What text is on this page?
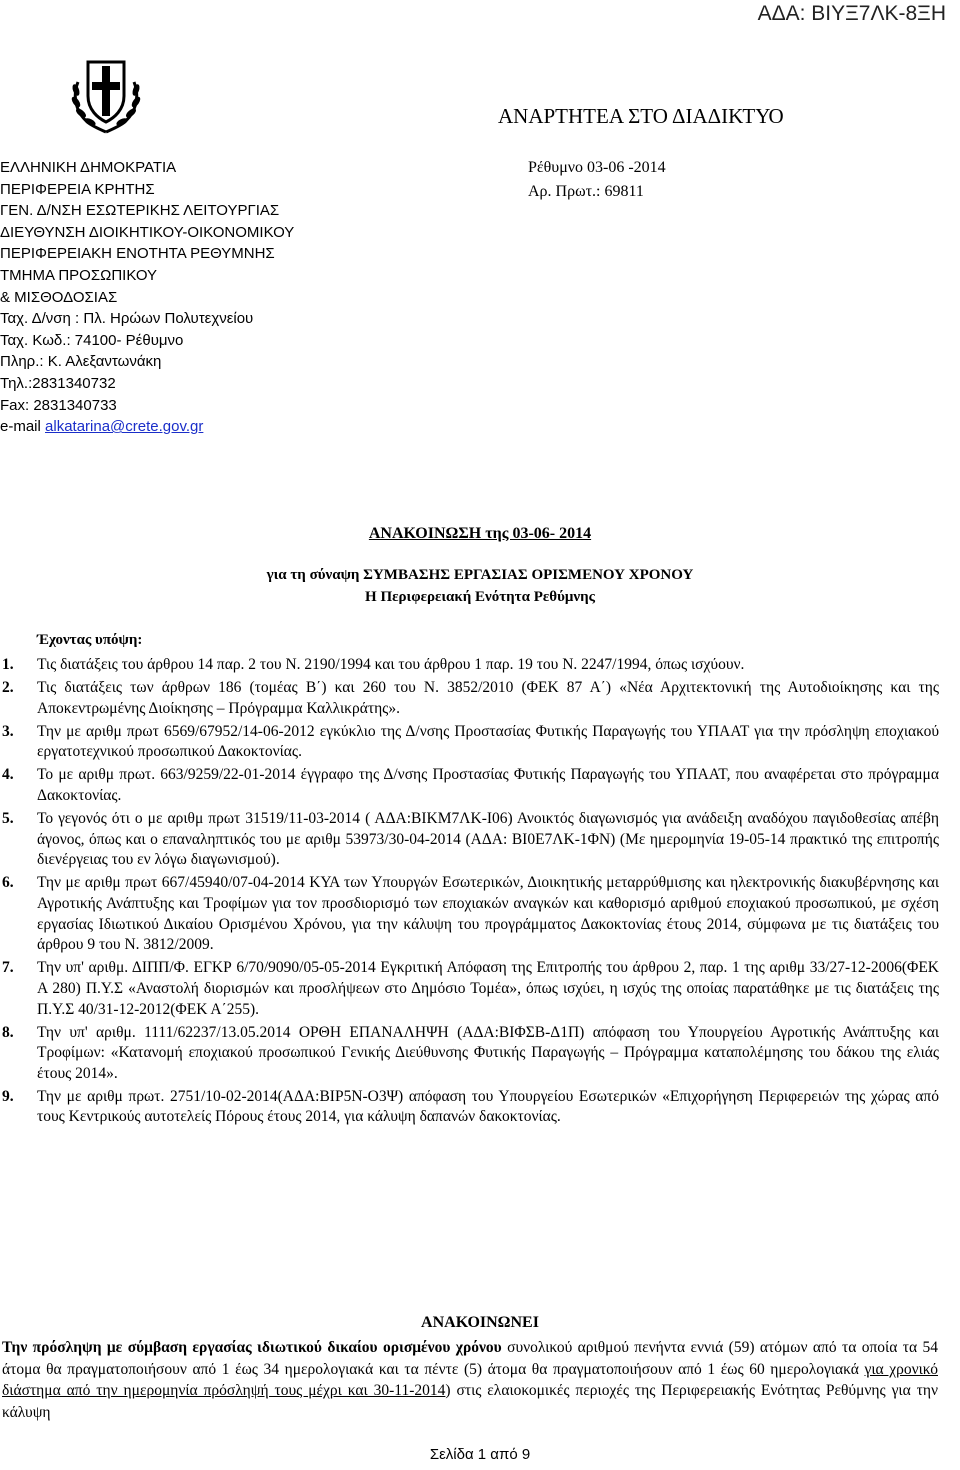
ΑΔΑ: ΒΙΥΞ7ΛΚ-8ΞΗ
ΑΝΑΡΤΗΤΕΑ ΣΤΟ ΔΙΑΔΙΚΤΥΟ
ΕΛΛΗΝΙΚΗ ΔΗΜΟΚΡΑΤΙΑ
ΠΕΡΙΦΕΡΕΙΑ ΚΡΗΤΗΣ
ΓΕΝ. Δ/ΝΣΗ ΕΣΩΤΕΡΙΚΗΣ ΛΕΙΤΟΥΡΓΙΑΣ
ΔΙΕΥΘΥΝΣΗ ΔΙΟΙΚΗΤΙΚΟΥ-ΟΙΚΟΝΟΜΙΚΟΥ
ΠΕΡΙΦΕΡΕΙΑΚΗ ΕΝΟΤΗΤΑ ΡΕΘΥΜΝΗΣ
ΤΜΗΜΑ ΠΡΟΣΩΠΙΚΟΥ
& ΜΙΣΘΟΔΟΣΙΑΣ
Ταχ. Δ/νση : Πλ. Ηρώων Πολυτεχνείου
Ταχ. Κωδ.: 74100- Ρέθυμνο
Πληρ.: Κ. Αλεξαντωνάκη
Τηλ.:2831340732
Fax: 2831340733
e-mail alkatarina@crete.gov.gr
Ρέθυμνο 03-06 -2014
Αρ. Πρωτ.: 69811
ΑΝΑΚΟΙΝΩΣΗ της 03-06- 2014
για τη σύναψη ΣΥΜΒΑΣΗΣ ΕΡΓΑΣΙΑΣ ΟΡΙΣΜΕΝΟΥ ΧΡΟΝΟΥ
Η Περιφερειακή Ενότητα Ρεθύμνης
Έχοντας υπόψη:
1.	Τις διατάξεις του άρθρου 14 παρ. 2 του Ν. 2190/1994 και του άρθρου 1 παρ. 19 του Ν. 2247/1994, όπως ισχύουν.
2.	Τις διατάξεις των άρθρων 186 (τομέας Β΄) και 260 του Ν. 3852/2010 (ΦΕΚ 87 Α΄) «Νέα Αρχιτεκτονική της Αυτοδιοίκησης και της Αποκεντρωμένης Διοίκησης – Πρόγραμμα Καλλικράτης».
3.	Την με αριθμ πρωτ 6569/67952/14-06-2012 εγκύκλιο της Δ/νσης Προστασίας Φυτικής Παραγωγής του ΥΠΑΑΤ για την πρόσληψη εποχιακού εργατοτεχνικού προσωπικού Δακοκτονίας.
4.	Το με αριθμ πρωτ. 663/9259/22-01-2014 έγγραφο της Δ/νσης Προστασίας Φυτικής Παραγωγής του ΥΠΑΑΤ, που αναφέρεται στο πρόγραμμα Δακοκτονίας.
5.	Το γεγονός ότι ο με αριθμ πρωτ 31519/11-03-2014 ( ΑΔΑ:ΒΙΚΜ7ΛΚ-Ι06) Ανοικτός διαγωνισμός για ανάδειξη αναδόχου παγιδοθεσίας απέβη άγονος, όπως και ο επαναληπτικός του με αριθμ 53973/30-04-2014 (ΑΔΑ: ΒΙ0Ε7ΛΚ-1ΦΝ) (Με ημερομηνία 19-05-14 πρακτικό της επιτροπής διενέργειας του εν λόγω διαγωνισμού).
6.	Την με αριθμ πρωτ 667/45940/07-04-2014 ΚΥΑ των Υπουργών Εσωτερικών, Διοικητικής μεταρρύθμισης και ηλεκτρονικής διακυβέρνησης και Αγροτικής Ανάπτυξης και Τροφίμων για τον προσδιορισμό των εποχιακών αναγκών και καθορισμό αριθμού εποχιακού προσωπικού, με σχέση εργασίας Ιδιωτικού Δικαίου Ορισμένου Χρόνου, για την κάλυψη του προγράμματος Δακοκτονίας έτους 2014, σύμφωνα με τις διατάξεις του άρθρου 9 του Ν. 3812/2009.
7.	Την υπ' αριθμ. ΔΙΠΠ/Φ. ΕΓΚΡ 6/70/9090/05-05-2014 Εγκριτική Απόφαση της Επιτροπής του άρθρου 2, παρ. 1 της αριθμ 33/27-12-2006(ΦΕΚ Α 280) Π.Υ.Σ «Αναστολή διορισμών και προσλήψεων στο Δημόσιο Τομέα», όπως ισχύει, η ισχύς της οποίας παρατάθηκε με τις διατάξεις της Π.Υ.Σ 40/31-12-2012(ΦΕΚ Α΄255).
8.	Την υπ' αριθμ. 1111/62237/13.05.2014 ΟΡΘΗ ΕΠΑΝΑΛΗΨΗ (ΑΔΑ:ΒΙΦΣΒ-Δ1Π) απόφαση του Υπουργείου Αγροτικής Ανάπτυξης και Τροφίμων: «Κατανομή εποχιακού προσωπικού Γενικής Διεύθυνσης Φυτικής Παραγωγής – Πρόγραμμα καταπολέμησης του δάκου της ελιάς έτους 2014».
9.	Την με αριθμ πρωτ. 2751/10-02-2014(ΑΔΑ:ΒΙΡ5Ν-Ο3Ψ) απόφαση του Υπουργείου Εσωτερικών «Επιχορήγηση Περιφερειών της χώρας από τους Κεντρικούς αυτοτελείς Πόρους έτους 2014, για κάλυψη δαπανών δακοκτονίας.
ΑΝΑΚΟΙΝΩΝΕΙ
Την πρόσληψη με σύμβαση εργασίας ιδιωτικού δικαίου ορισμένου χρόνου συνολικού αριθμού πενήντα εννιά (59) ατόμων από τα οποία τα 54 άτομα θα πραγματοποιήσουν από 1 έως 34 ημερολογιακά και τα πέντε (5) άτομα θα πραγματοποιήσουν από 1 έως 60 ημερολογιακά για χρονικό διάστημα από την ημερομηνία πρόσληψή τους μέχρι και 30-11-2014) στις ελαιοκομικές περιοχές της Περιφερειακής Ενότητας Ρεθύμνης για την κάλυψη
Σελίδα 1 από 9
